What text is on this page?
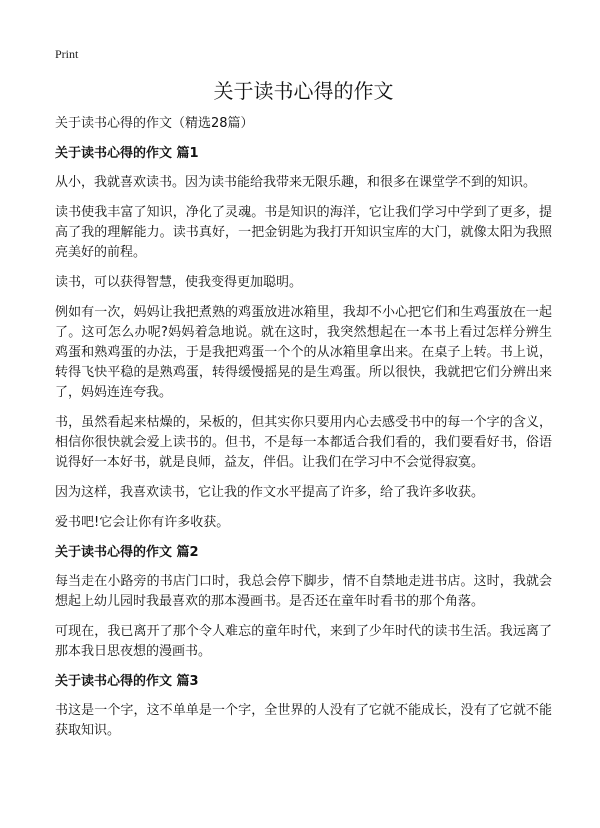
Print

关于读书心得的作文

关于读书心得的作文（精选28篇）

关于读书心得的作文 篇1

从小，我就喜欢读书。因为读书能给我带来无限乐趣，和很多在课堂学不到的知识。

读书使我丰富了知识，净化了灵魂。书是知识的海洋，它让我们学习中学到了更多，提高了我的理解能力。读书真好，一把金钥匙为我打开知识宝库的大门，就像太阳为我照亮美好的前程。

读书，可以获得智慧，使我变得更加聪明。

例如有一次，妈妈让我把煮熟的鸡蛋放进冰箱里，我却不小心把它们和生鸡蛋放在一起了。这可怎么办呢?妈妈着急地说。就在这时，我突然想起在一本书上看过怎样分辨生鸡蛋和熟鸡蛋的办法，于是我把鸡蛋一个个的从冰箱里拿出来。在桌子上转。书上说，转得飞快平稳的是熟鸡蛋，转得缓慢摇晃的是生鸡蛋。所以很快，我就把它们分辨出来了，妈妈连连夸我。

书，虽然看起来枯燥的，呆板的，但其实你只要用内心去感受书中的每一个字的含义，相信你很快就会爱上读书的。但书，不是每一本都适合我们看的，我们要看好书，俗语说得好一本好书，就是良师，益友，伴侣。让我们在学习中不会觉得寂寞。

因为这样，我喜欢读书，它让我的作文水平提高了许多，给了我许多收获。

爱书吧!它会让你有许多收获。

关于读书心得的作文 篇2

每当走在小路旁的书店门口时，我总会停下脚步，情不自禁地走进书店。这时，我就会想起上幼儿园时我最喜欢的那本漫画书。是否还在童年时看书的那个角落。

可现在，我已离开了那个令人难忘的童年时代，来到了少年时代的读书生活。我远离了那本我日思夜想的漫画书。

关于读书心得的作文 篇3

书这是一个字，这不单单是一个字，全世界的人没有了它就不能成长，没有了它就不能获取知识。
